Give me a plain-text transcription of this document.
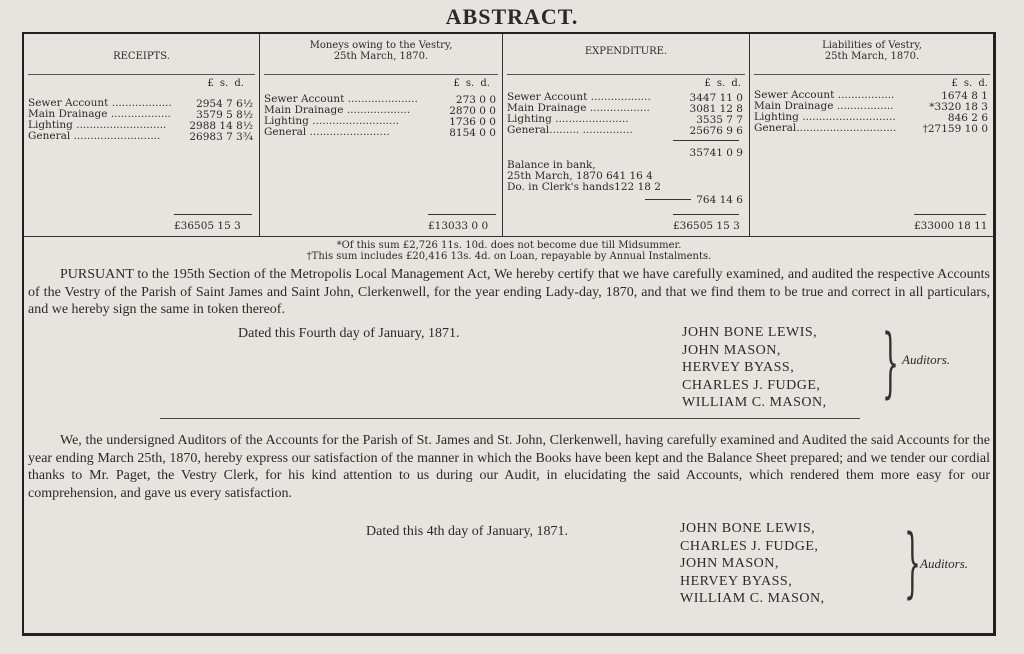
ABSTRACT.
RECEIPTS.
£ s. d.
Sewer Account .................. 2954 7 6½
Main Drainage .................. 3579 5 8½
Lighting ........................... 2988 14 8½
General ..........................	26983 7 3¾
£36505 15 3
Moneys owing to the Vestry,
25th March, 1870.
£ s. d.
Sewer Account .....................	273 0 0
Main Drainage ...................	2870 0 0
Lighting ..........................	1736 0 0
General ........................	8154 0 0
£13033 0 0
EXPENDITURE.
£ s. d.
Sewer Account ..................	3447 11 0
Main Drainage ..................	3081 12 8
Lighting ......................	3535 7 7
General......... ...............	25676 9 6
35741 0 9
Balance in bank,
25th March, 1870 641 16 4
Do. in Clerk's hands122 18 2
764 14 6
£36505 15 3
Liabilities of Vestry,
25th March, 1870.
£ s. d.
Sewer Account .................	1674 8 1
Main Drainage .................	*3320 18 3
Lighting ............................	846 2 6
General..............................	†27159 10 0
£33000 18 11
*Of this sum £2,726 11s. 10d. does not become due till Midsummer.
†This sum includes £20,416 13s. 4d. on Loan, repayable by Annual Instalments.
PURSUANT to the 195th Section of the Metropolis Local Management Act, We hereby certify that we have carefully examined, and audited the respective Accounts of the Vestry of the Parish of Saint James and Saint John, Clerkenwell, for the year ending Lady-day, 1870, and that we find them to be true and correct in all particulars, and we hereby sign the same in token thereof.
Dated this Fourth day of January, 1871.	JOHN BONE LEWIS,
JOHN MASON,
HERVEY BYASS,
CHARLES J. FUDGE,
WILLIAM C. MASON, } Auditors.
We, the undersigned Auditors of the Accounts for the Parish of St. James and St. John, Clerkenwell, having carefully examined and Audited the said Accounts for the year ending March 25th, 1870, hereby express our satisfaction of the manner in which the Books have been kept and the Balance Sheet prepared; and we tender our cordial thanks to Mr. Paget, the Vestry Clerk, for his kind attention to us during our Audit, in elucidating the said Accounts, which rendered them more easy for our comprehension, and gave us every satisfaction.
Dated this 4th day of January, 1871.	JOHN BONE LEWIS,
CHARLES J. FUDGE,
JOHN MASON,
HERVEY BYASS,
WILLIAM C. MASON, } Auditors.
